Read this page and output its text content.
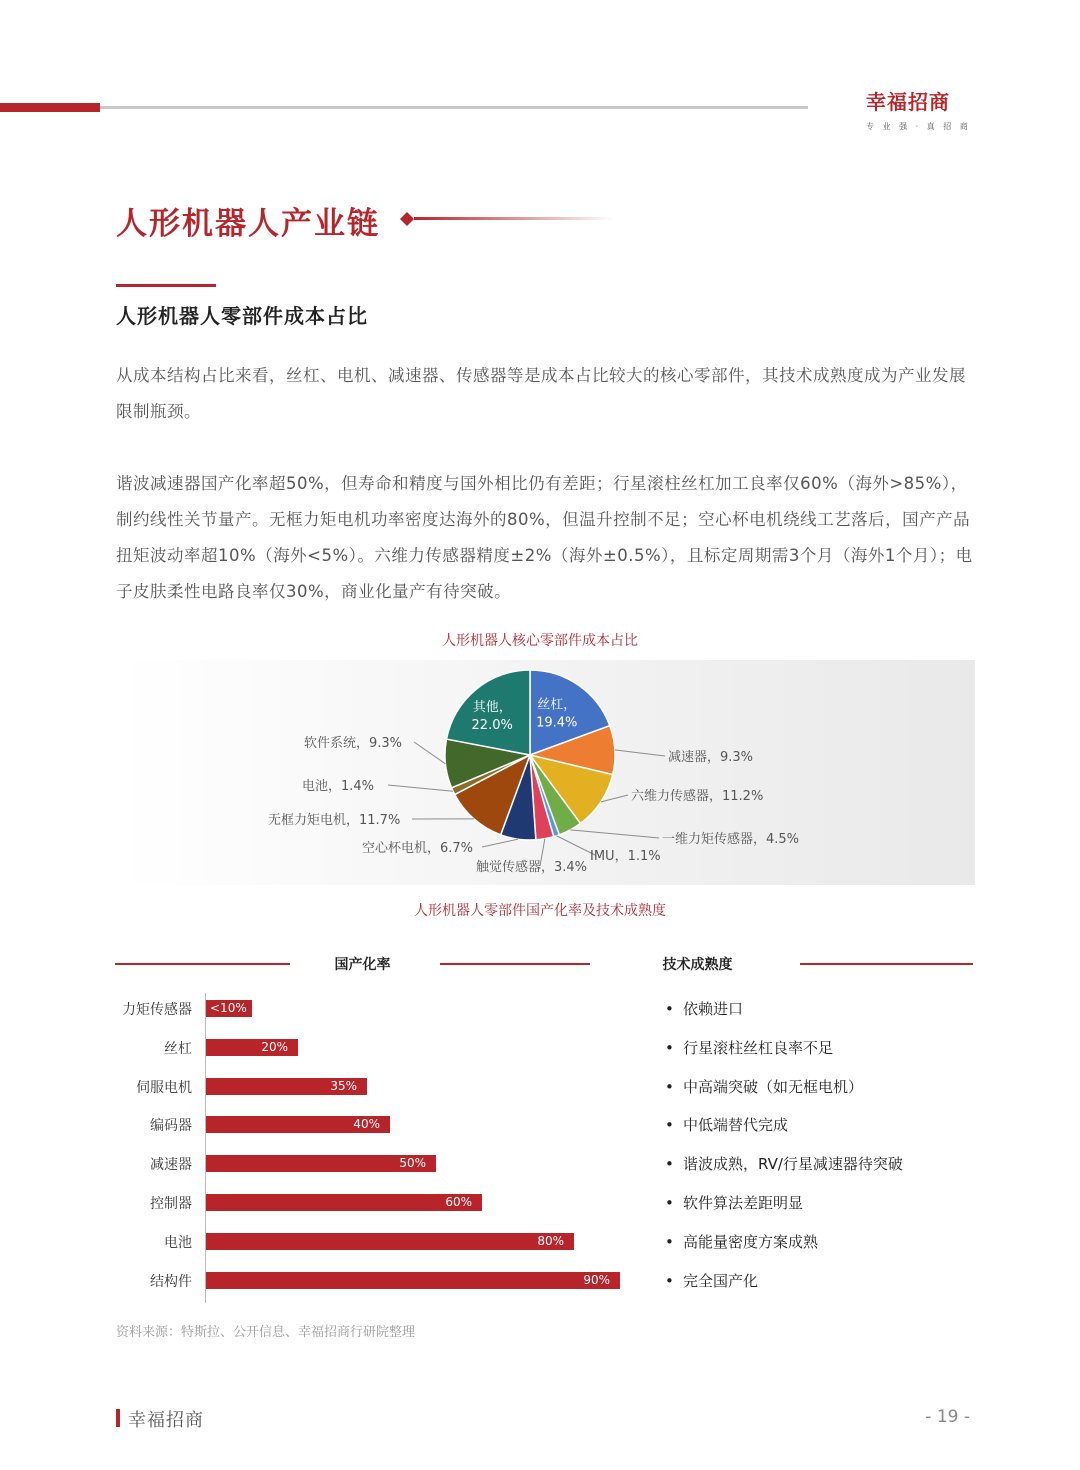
幸福招商
专 业 强 · 真 招 商
人形机器人产业链
人形机器人零部件成本占比
从成本结构占比来看，丝杠、电机、减速器、传感器等是成本占比较大的核心零部件，其技术成熟度成为产业发展限制瓶颈。
谐波减速器国产化率超50%，但寿命和精度与国外相比仍有差距；行星滚柱丝杠加工良率仅60%（海外>85%），制约线性关节量产。无框力矩电机功率密度达海外的80%，但温升控制不足；空心杯电机绕线工艺落后，国产产品扭矩波动率超10%（海外<5%）。六维力传感器精度±2%（海外±0.5%），且标定周期需3个月（海外1个月）；电子皮肤柔性电路良率仅30%，商业化量产有待突破。
人形机器人核心零部件成本占比
丝杠，
19.4%
减速器，9.3%
六维力传感器，11.2%
一维力矩传感器，4.5%
IMU，1.1%
触觉传感器，3.4%
空心杯电机，6.7%
无框力矩电机，11.7%
电池，1.4%
软件系统，9.3%
其他，
22.0%
人形机器人零部件国产化率及技术成熟度
国产化率	技术成熟度
力矩传感器 <10%	• 依赖进口
丝杠	20%	• 行星滚柱丝杠良率不足
伺服电机	35%	• 中高端突破（如无框电机）
编码器	40%	• 中低端替代完成
减速器	50%	• 谐波成熟，RV/行星减速器待突破
控制器	60%	• 软件算法差距明显
电池	80%	• 高能量密度方案成熟
结构件	90%	• 完全国产化
资料来源：特斯拉、公开信息、幸福招商行研院整理
幸福招商	- 19 -
